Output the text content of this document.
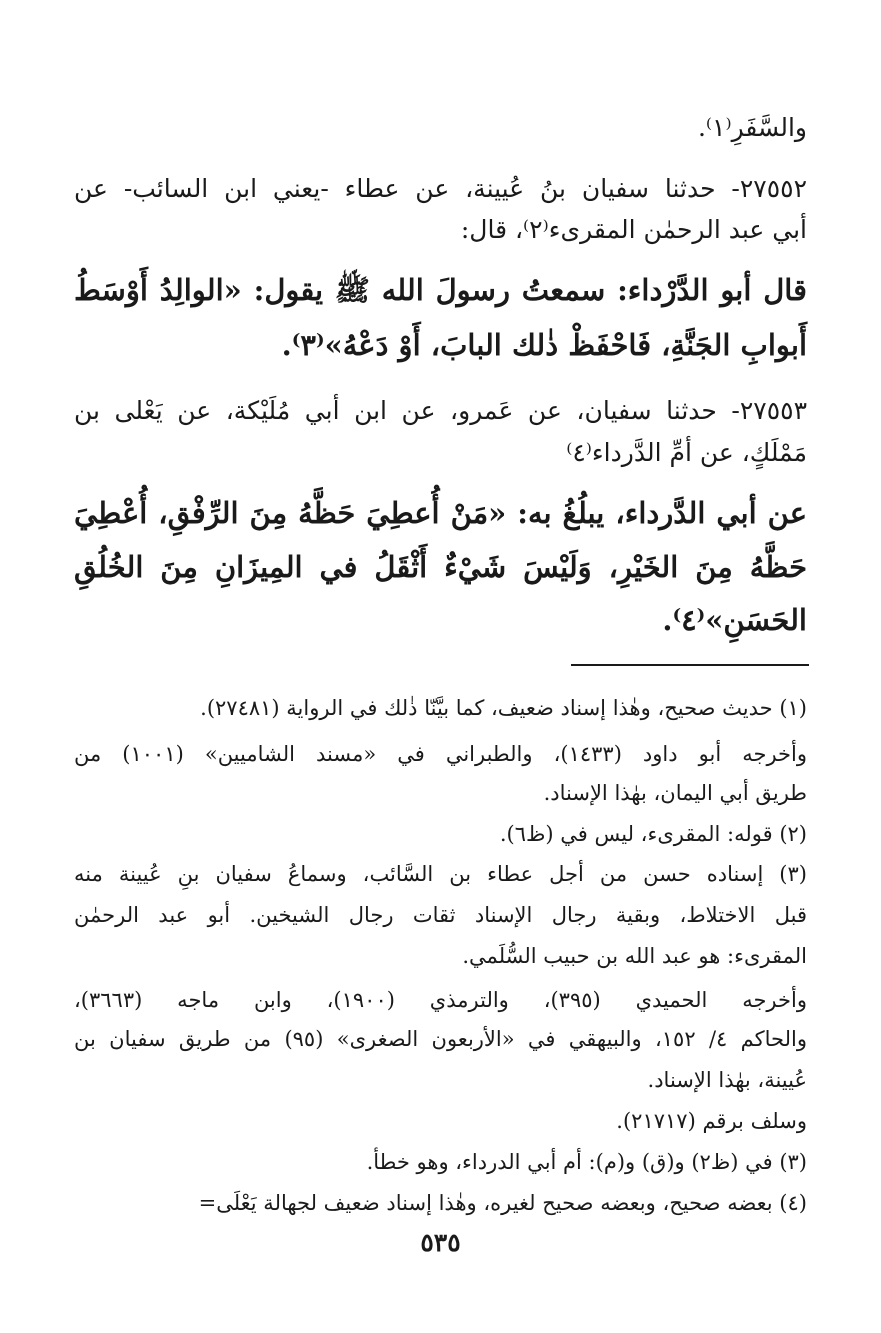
والسَّفَرِ⁽١⁾.
٢٧٥٥٢- حدثنا سفيان بنُ عُيينة، عن عطاء -يعني ابن السائب- عن
أبي عبد الرحمٰن المقرىء⁽٢⁾، قال:
قال أبو الدَّرْداء: سمعتُ رسولَ الله ﷺ يقول: «الوالِدُ أَوْسَطُ
أَبوابِ الجَنَّةِ، فَاحْفَظْ ذٰلك البابَ، أَوْ دَعْهُ»⁽٣⁾.
٢٧٥٥٣- حدثنا سفيان، عن عَمرو، عن ابن أبي مُلَيْكة، عن يَعْلى بن
مَمْلَكٍ، عن أمِّ الدَّرداء⁽٤⁾
عن أبي الدَّرداء، يبلُغُ به: «مَنْ أُعطِيَ حَظَّهُ مِنَ الرِّفْقِ، أُعْطِيَ
حَظَّهُ مِنَ الخَيْرِ، وَلَيْسَ شَيْءٌ أَثْقَلُ في المِيزَانِ مِنَ الخُلُقِ
الحَسَنِ»⁽٤⁾.
(١) حديث صحيح، وهٰذا إسناد ضعيف، كما بيَّنّا ذٰلك في الرواية (٢٧٤٨١).
وأخرجه أبو داود (١٤٣٣)، والطبراني في «مسند الشاميين» (١٠٠١) من
طريق أبي اليمان، بهٰذا الإسناد.
(٢) قوله: المقرىء، ليس في (ظ٦).
(٣) إسناده حسن من أجل عطاء بن السَّائب، وسماعُ سفيان بنِ عُيينة منه
قبل الاختلاط، وبقية رجال الإسناد ثقات رجال الشيخين. أبو عبد الرحمٰن
المقرىء: هو عبد الله بن حبيب السُّلَمي.
وأخرجه الحميدي (٣٩٥)، والترمذي (١٩٠٠)، وابن ماجه (٣٦٦٣)،
والحاكم ٤/ ١٥٢، والبيهقي في «الأربعون الصغرى» (٩٥) من طريق سفيان بن
عُيينة، بهٰذا الإسناد.
وسلف برقم (٢١٧١٧).
(٣) في (ظ٢) و(ق) و(م): أم أبي الدرداء، وهو خطأ.
(٤) بعضه صحيح، وبعضه صحيح لغيره، وهٰذا إسناد ضعيف لجهالة يَعْلَى=
٥٣٥
